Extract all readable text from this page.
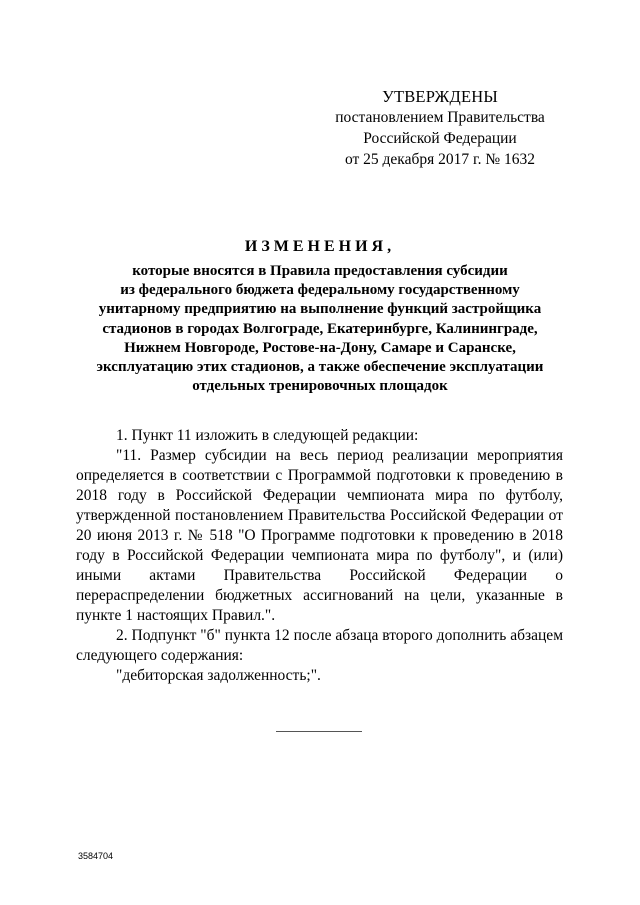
УТВЕРЖДЕНЫ
постановлением Правительства
Российской Федерации
от 25 декабря 2017 г. № 1632
ИЗМЕНЕНИЯ,
которые вносятся в Правила предоставления субсидии
из федерального бюджета федеральному государственному
унитарному предприятию на выполнение функций застройщика
стадионов в городах Волгограде, Екатеринбурге, Калининграде,
Нижнем Новгороде, Ростове-на-Дону, Самаре и Саранске,
эксплуатацию этих стадионов, а также обеспечение эксплуатации
отдельных тренировочных площадок

1. Пункт 11 изложить в следующей редакции:

"11. Размер субсидии на весь период реализации мероприятия определяется в соответствии с Программой подготовки к проведению в 2018 году в Российской Федерации чемпионата мира по футболу, утвержденной постановлением Правительства Российской Федерации от 20 июня 2013 г. № 518 "О Программе подготовки к проведению в 2018 году в Российской Федерации чемпионата мира по футболу", и (или) иными актами Правительства Российской Федерации о перераспределении бюджетных ассигнований на цели, указанные в пункте 1 настоящих Правил.".

2. Подпункт "б" пункта 12 после абзаца второго дополнить абзацем следующего содержания:

"дебиторская задолженность;".

3584704
